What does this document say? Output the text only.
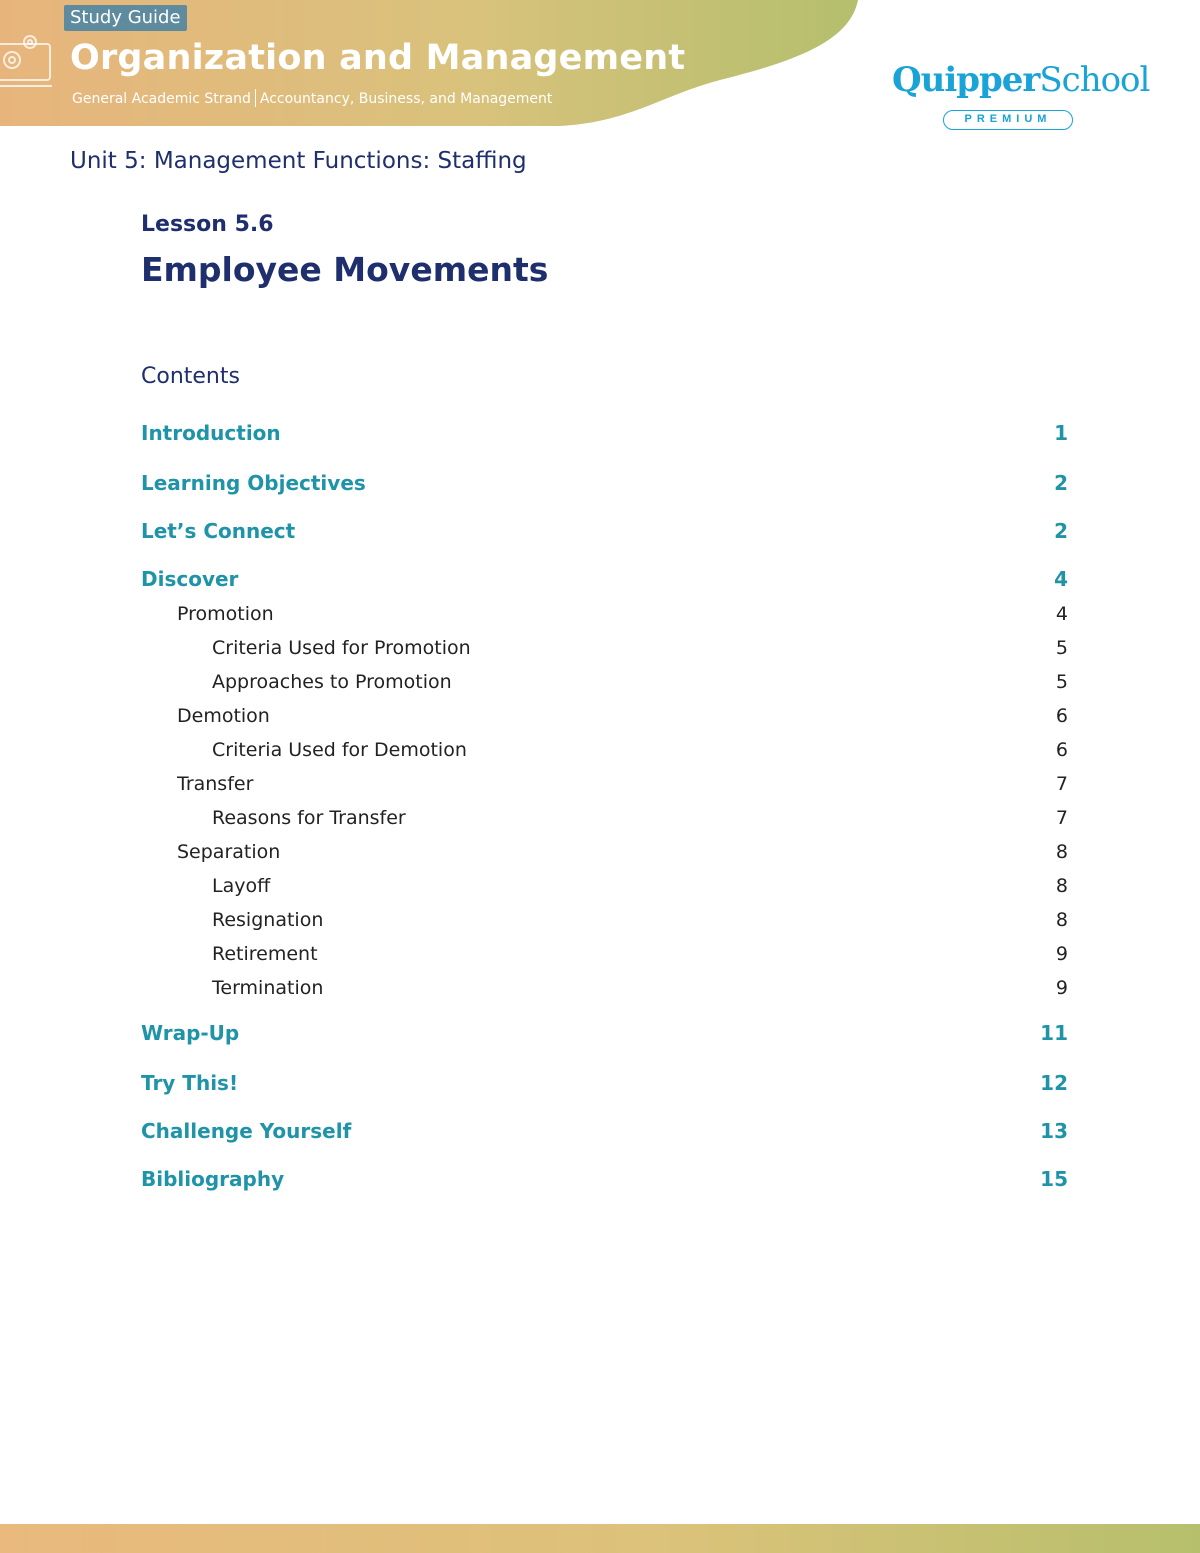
Study Guide
Organization and Management
General Academic Strand Accountancy, Business, and Management	QuipperSchool
PREMIUM
Unit 5: Management Functions: Staffing
Lesson 5.6
Employee Movements
Contents
Introduction	1
Learning Objectives	2
Let’s Connect	2
Discover	4
Promotion	4
Criteria Used for Promotion	5
Approaches to Promotion	5
Demotion	6
Criteria Used for Demotion	6
Transfer	7
Reasons for Transfer	7
Separation	8
Layoff	8
Resignation	8
Retirement	9
Termination	9
Wrap-Up	11
Try This!	12
Challenge Yourself	13
Bibliography	15
